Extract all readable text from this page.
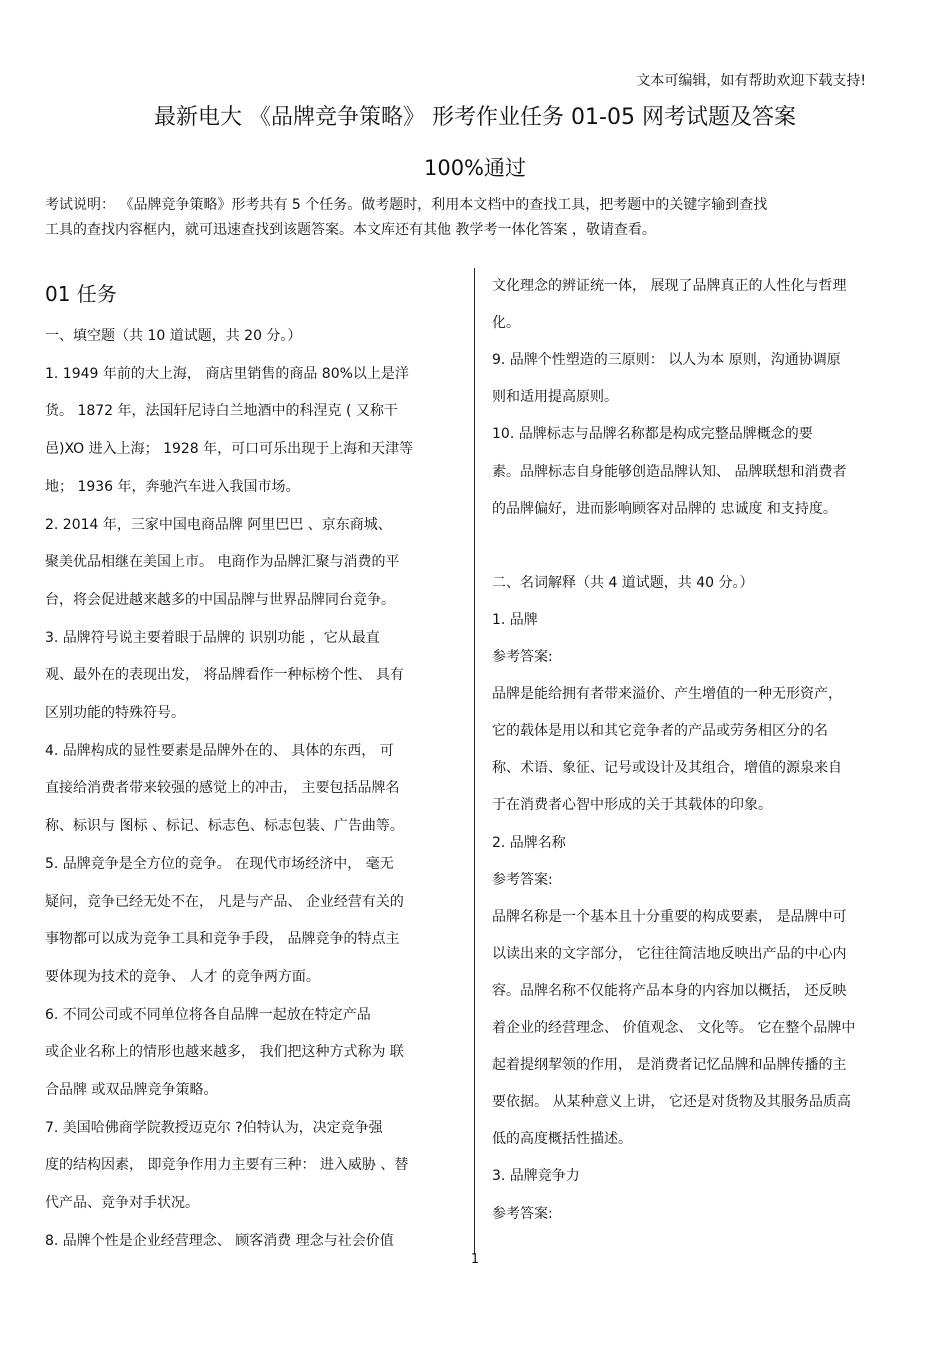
文本可编辑，如有帮助欢迎下载支持!
最新电大 《品牌竞争策略》 形考作业任务 01-05 网考试题及答案
100%通过
考试说明： 《品牌竞争策略》形考共有 5 个任务。做考题时，利用本文档中的查找工具，把考题中的关键字输到查找
工具的查找内容框内，就可迅速查找到该题答案。本文库还有其他 教学考一体化答案 ，敬请查看。
01 任务
一、填空题（共 10 道试题，共 20 分。）
1. 1949 年前的大上海， 商店里销售的商品 80%以上是洋
货。 1872 年，法国轩尼诗白兰地酒中的科涅克 ( 又称干
邑)XO 进入上海； 1928 年，可口可乐出现于上海和天津等
地； 1936 年，奔驰汽车进入我国市场。
2. 2014 年，三家中国电商品牌 阿里巴巴 、京东商城、
聚美优品相继在美国上市。 电商作为品牌汇聚与消费的平
台，将会促进越来越多的中国品牌与世界品牌同台竞争。
3. 品牌符号说主要着眼于品牌的 识别功能 ，它从最直
观、最外在的表现出发， 将品牌看作一种标榜个性、 具有
区别功能的特殊符号。
4. 品牌构成的显性要素是品牌外在的、 具体的东西， 可
直接给消费者带来较强的感觉上的冲击， 主要包括品牌名
称、标识与 图标 、标记、标志色、标志包装、广告曲等。
5. 品牌竞争是全方位的竞争。 在现代市场经济中， 毫无
疑问，竞争已经无处不在， 凡是与产品、 企业经营有关的
事物都可以成为竞争工具和竞争手段， 品牌竞争的特点主
要体现为技术的竞争、 人才 的竞争两方面。
6. 不同公司或不同单位将各自品牌一起放在特定产品
或企业名称上的情形也越来越多， 我们把这种方式称为 联
合品牌 或双品牌竞争策略。
7. 美国哈佛商学院教授迈克尔 ?伯特认为，决定竞争强
度的结构因素， 即竞争作用力主要有三种： 进入威胁 、替
代产品、竞争对手状况。
8. 品牌个性是企业经营理念、 顾客消费 理念与社会价值
文化理念的辨证统一体， 展现了品牌真正的人性化与哲理
化。
9. 品牌个性塑造的三原则： 以人为本 原则，沟通协调原
则和适用提高原则。
10. 品牌标志与品牌名称都是构成完整品牌概念的要
素。品牌标志自身能够创造品牌认知、 品牌联想和消费者
的品牌偏好，进而影响顾客对品牌的 忠诚度 和支持度。
二、名词解释（共 4 道试题，共 40 分。）
1. 品牌
参考答案:
品牌是能给拥有者带来溢价、产生增值的一种无形资产，
它的载体是用以和其它竞争者的产品或劳务相区分的名
称、术语、象征、记号或设计及其组合，增值的源泉来自
于在消费者心智中形成的关于其载体的印象。
2. 品牌名称
参考答案:
品牌名称是一个基本且十分重要的构成要素， 是品牌中可
以读出来的文字部分， 它往往简洁地反映出产品的中心内
容。品牌名称不仅能将产品本身的内容加以概括， 还反映
着企业的经营理念、 价值观念、 文化等。 它在整个品牌中
起着提纲挈领的作用， 是消费者记忆品牌和品牌传播的主
要依据。 从某种意义上讲， 它还是对货物及其服务品质高
低的高度概括性描述。
3. 品牌竞争力
参考答案:
1
